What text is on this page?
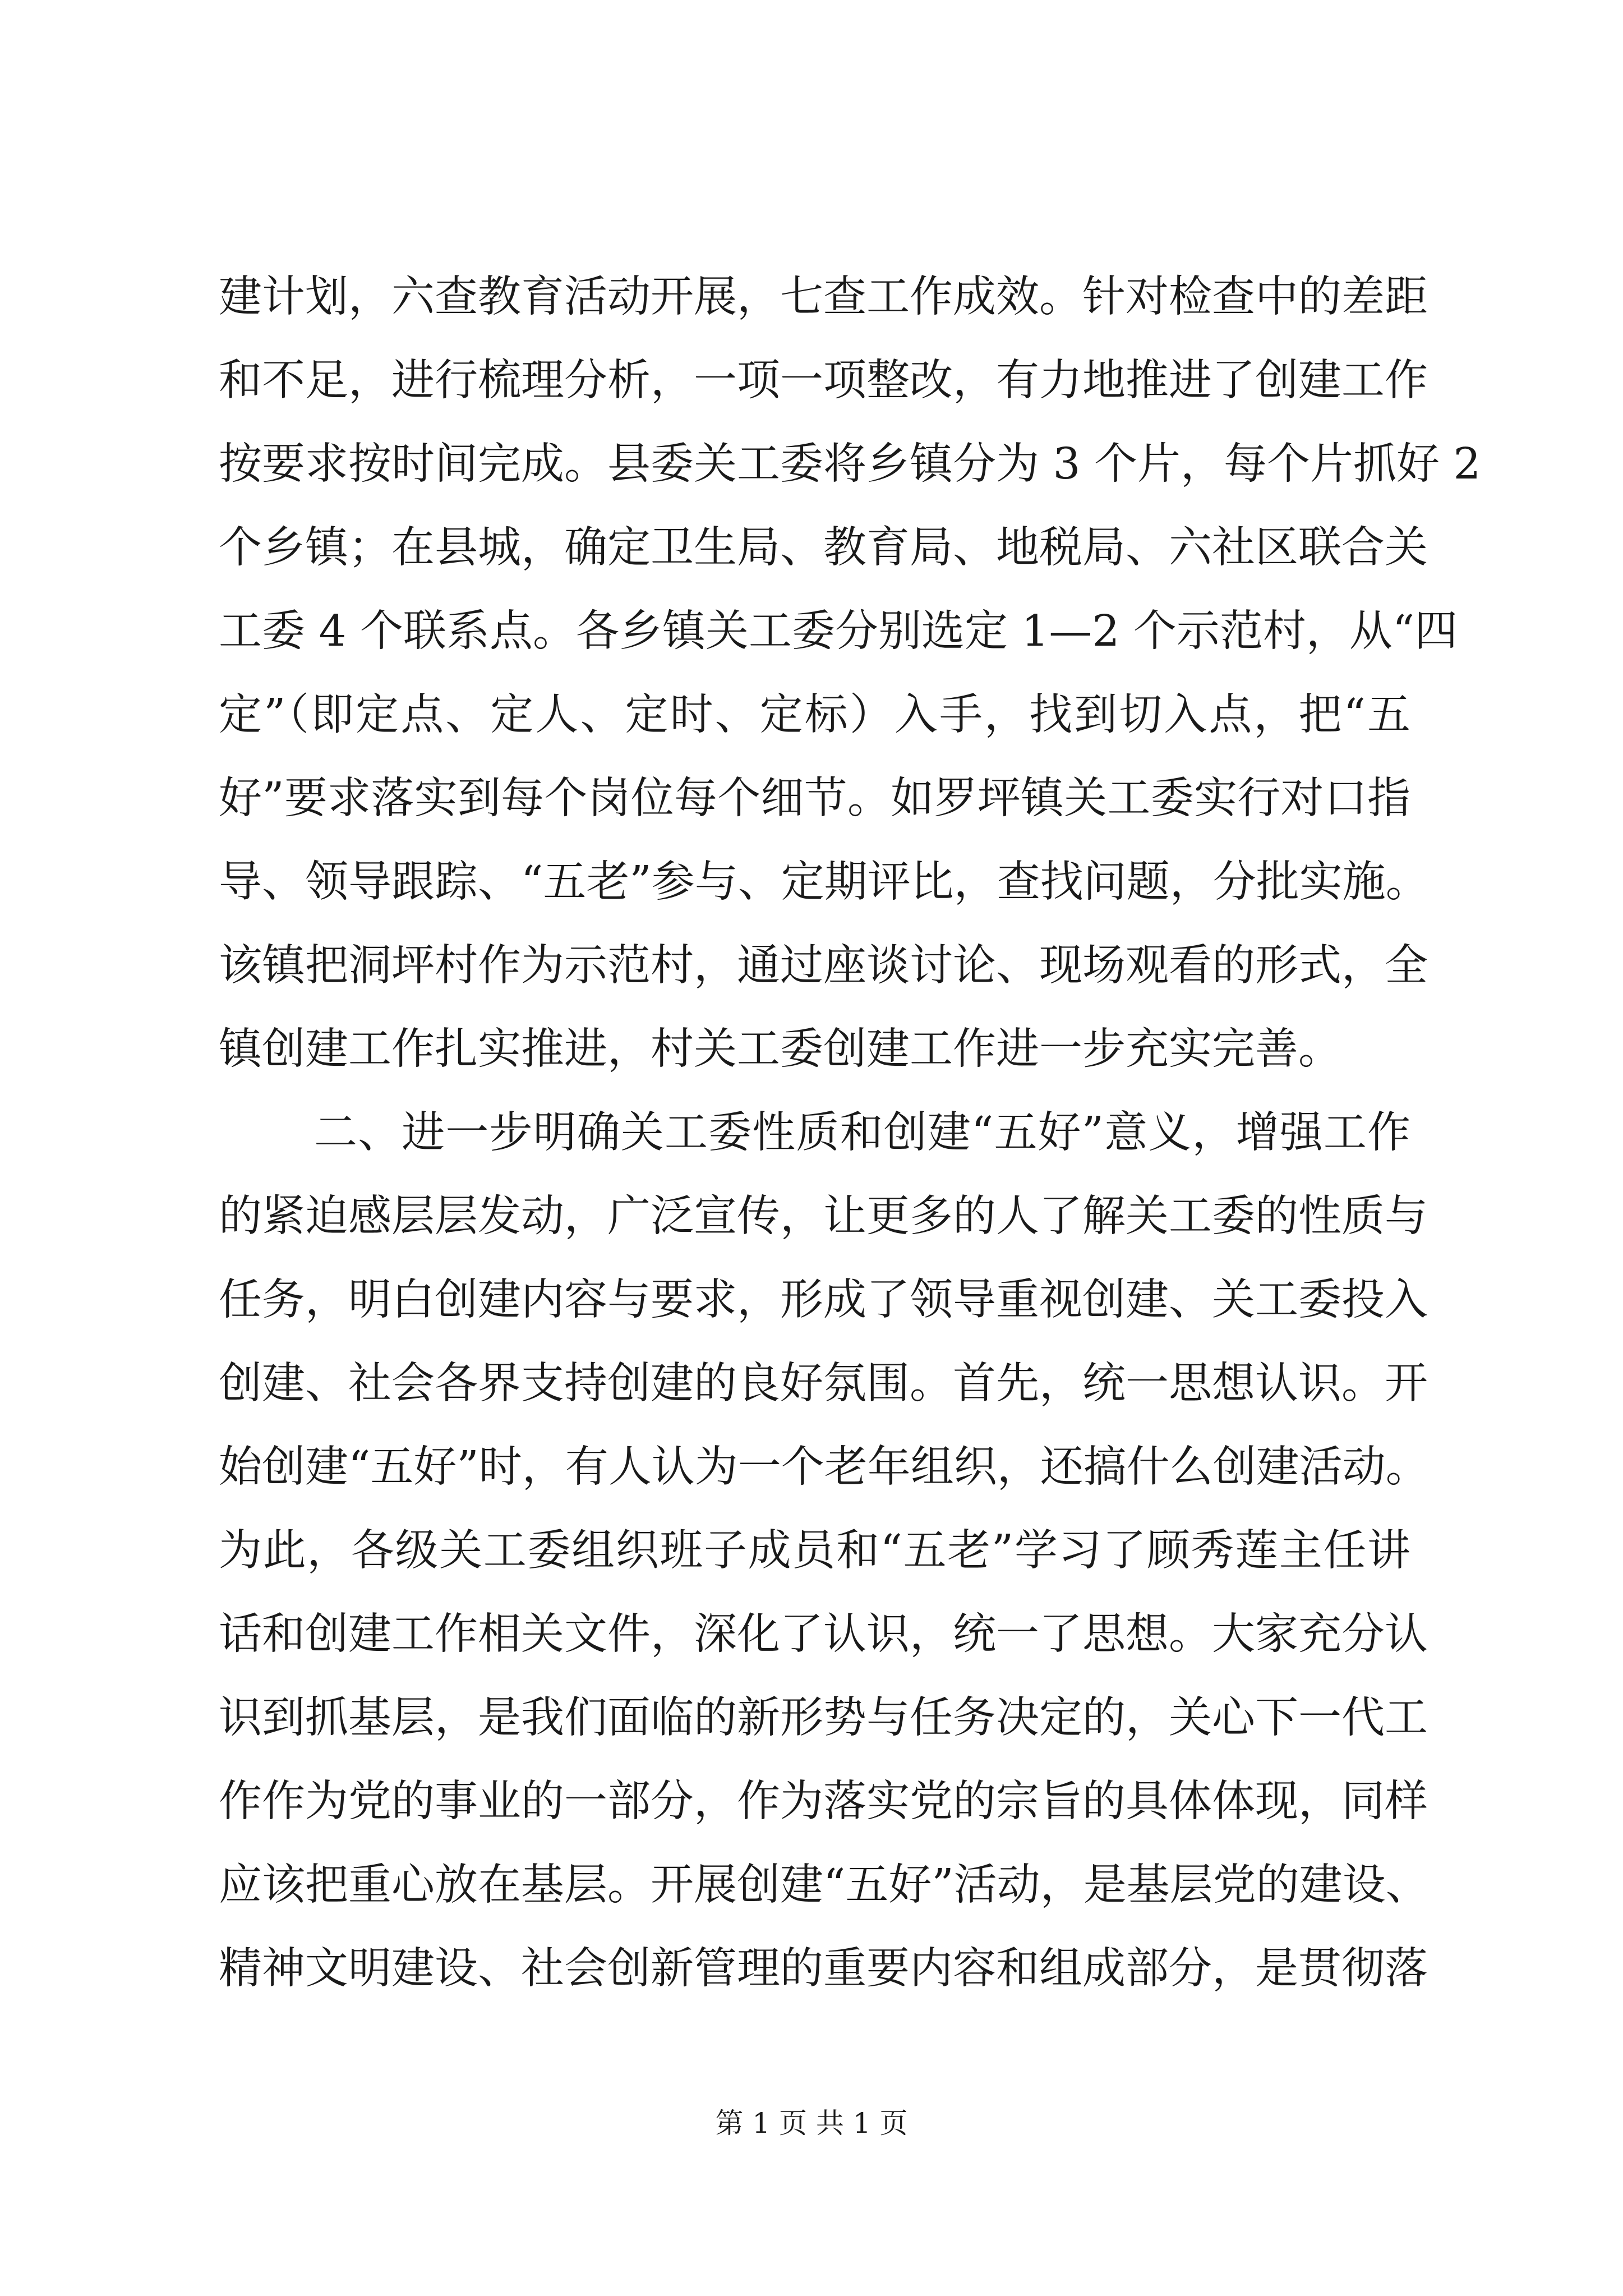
建计划，六查教育活动开展，七查工作成效。针对检查中的差距
和不足，进行梳理分析，一项一项整改，有力地推进了创建工作
按要求按时间完成。县委关工委将乡镇分为 3 个片，每个片抓好 2
个乡镇；在县城，确定卫生局、教育局、地税局、六社区联合关
工委 4 个联系点。各乡镇关工委分别选定 1—2 个示范村，从“四
定”（即定点、定人、定时、定标）入手，找到切入点，把“五
好”要求落实到每个岗位每个细节。如罗坪镇关工委实行对口指
导、领导跟踪、“五老”参与、定期评比，查找问题，分批实施。
该镇把洞坪村作为示范村，通过座谈讨论、现场观看的形式，全
镇创建工作扎实推进，村关工委创建工作进一步充实完善。
二、进一步明确关工委性质和创建“五好”意义，增强工作
的紧迫感层层发动，广泛宣传，让更多的人了解关工委的性质与
任务，明白创建内容与要求，形成了领导重视创建、关工委投入
创建、社会各界支持创建的良好氛围。首先，统一思想认识。开
始创建“五好”时，有人认为一个老年组织，还搞什么创建活动。
为此，各级关工委组织班子成员和“五老”学习了顾秀莲主任讲
话和创建工作相关文件，深化了认识，统一了思想。大家充分认
识到抓基层，是我们面临的新形势与任务决定的，关心下一代工
作作为党的事业的一部分，作为落实党的宗旨的具体体现，同样
应该把重心放在基层。开展创建“五好”活动，是基层党的建设、
精神文明建设、社会创新管理的重要内容和组成部分，是贯彻落
第 1 页 共 1 页
